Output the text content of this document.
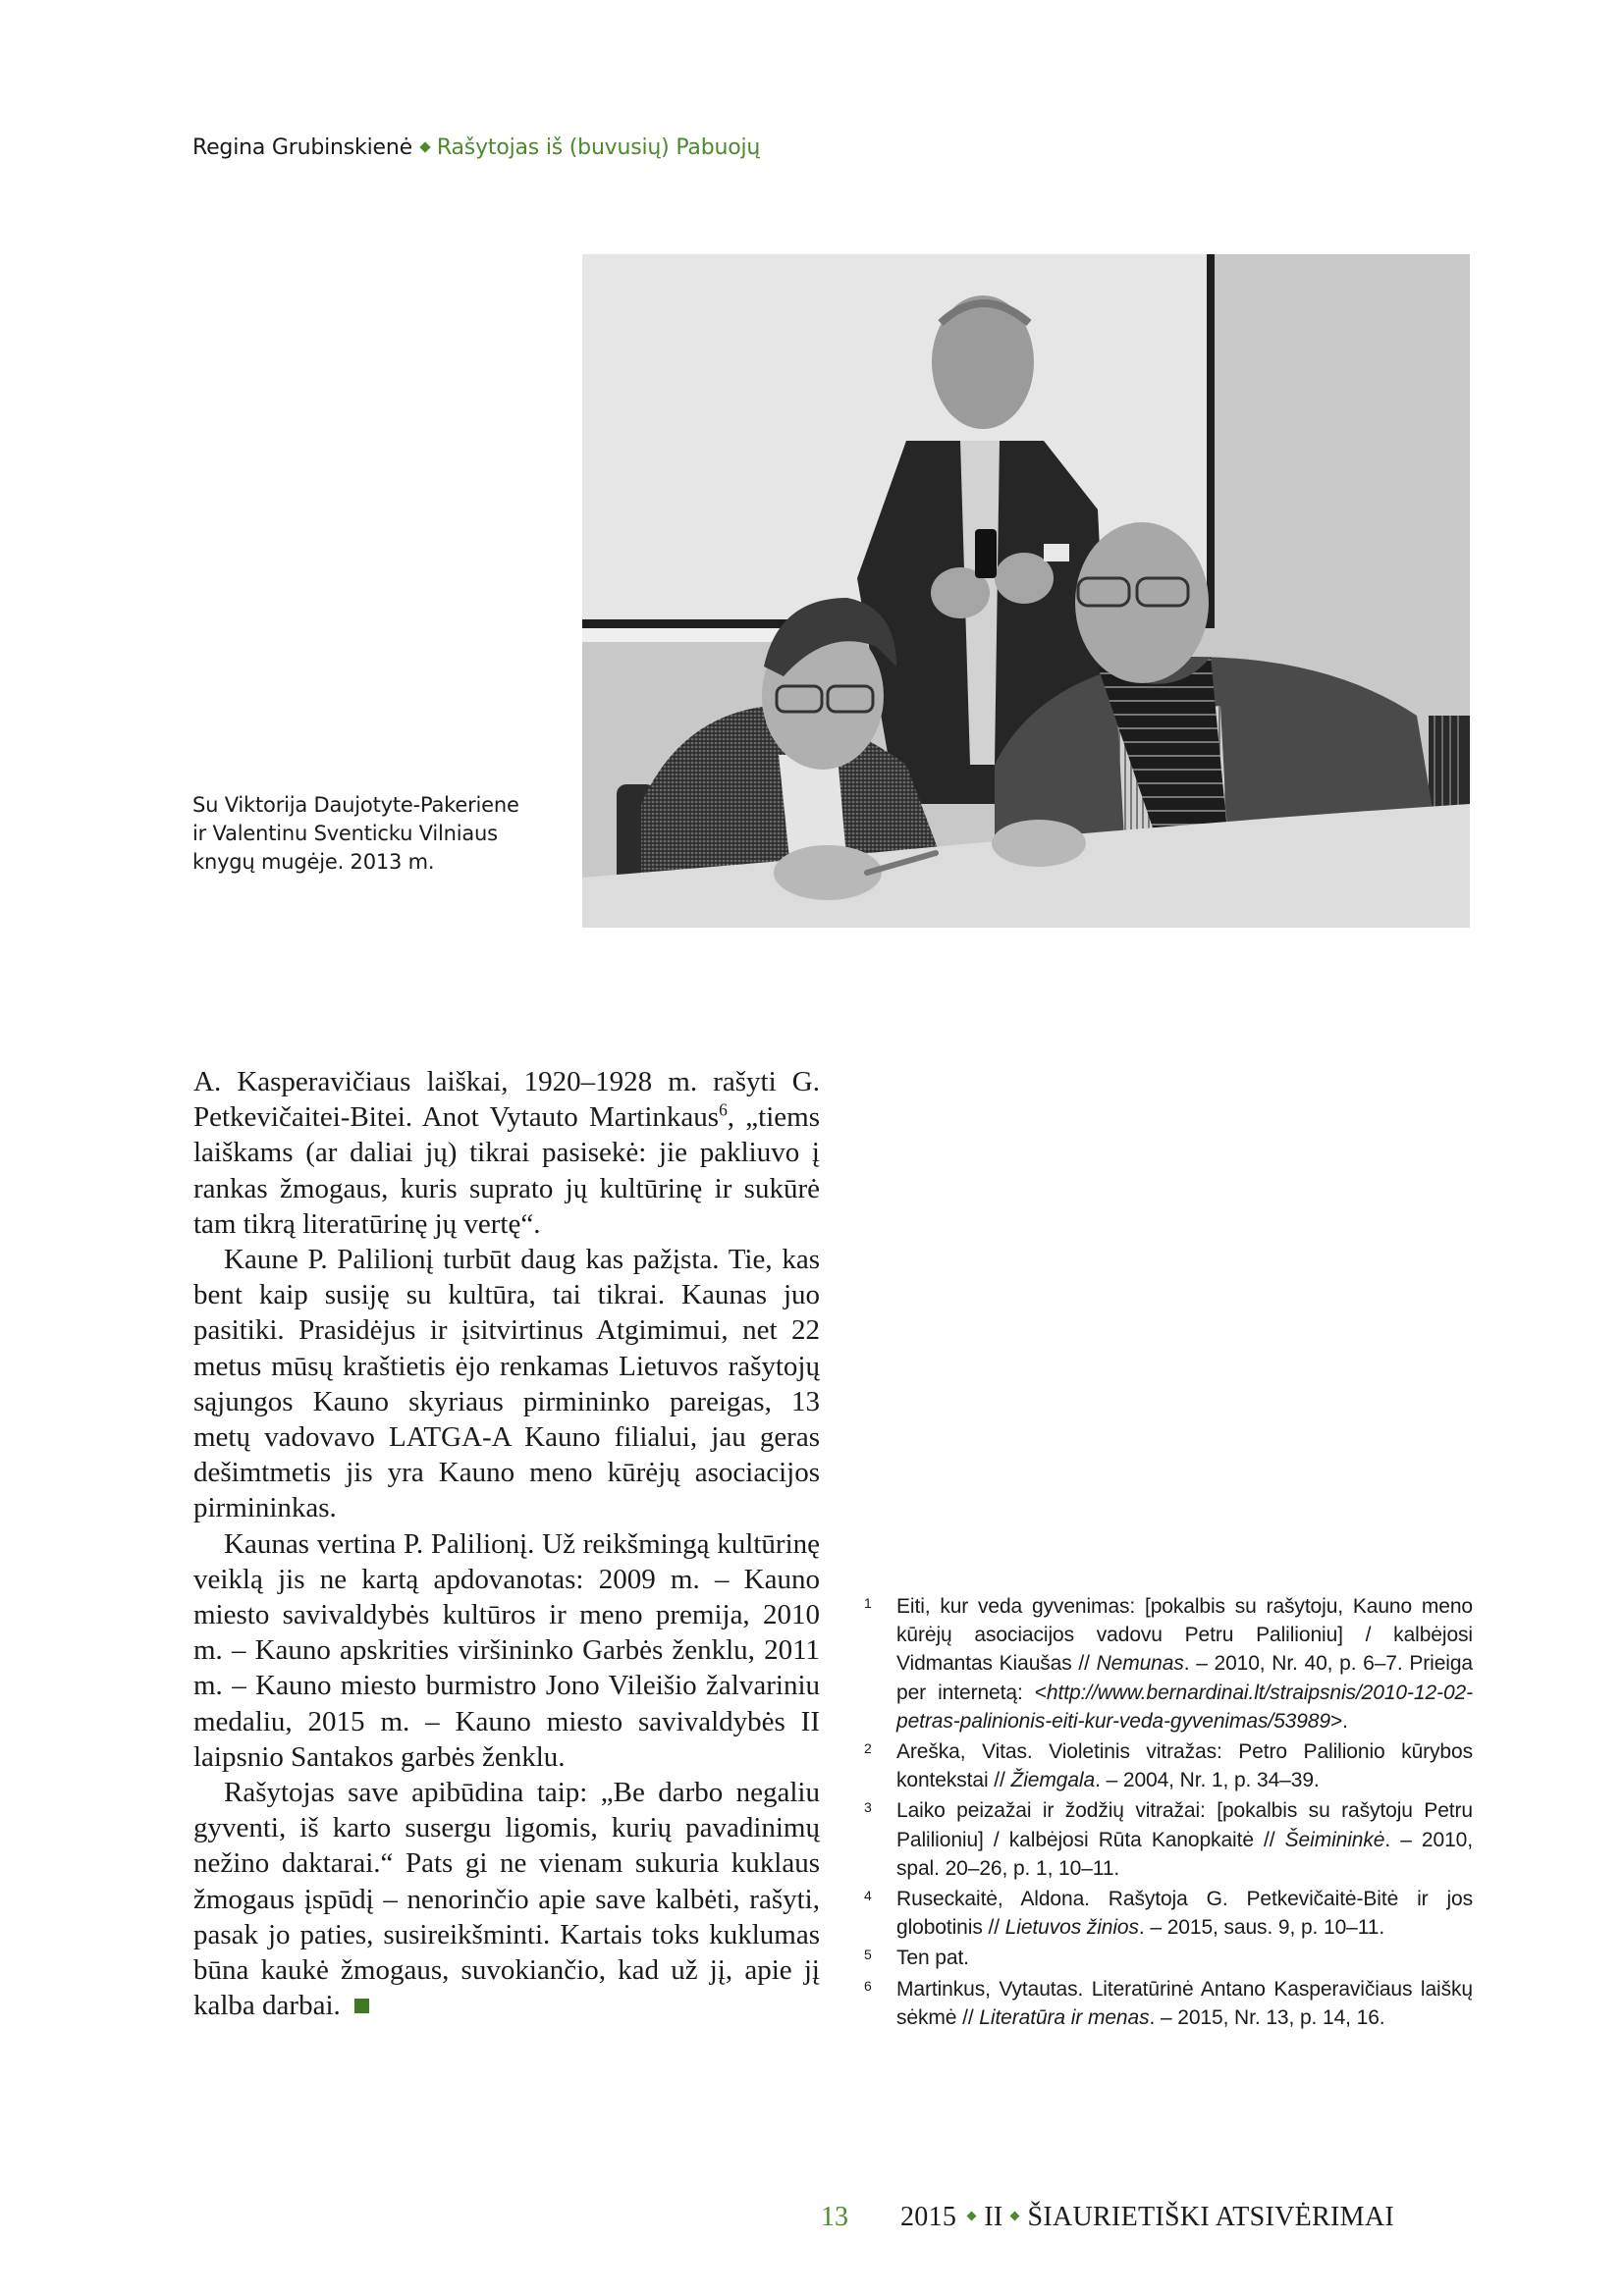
Regina Grubinskienė Rašytojas iš (buvusių) Pabuojų
Su Viktorija Daujotyte-Pakeriene ir Valentinu Sventicku Vilniaus knygų mugėje. 2013 m.

A. Kasperavičiaus laiškai, 1920–1928 m. rašyti G. Petkevičaitei-Bitei. Anot Vytauto Martinkaus$^6$, „tiems laiškams (ar daliai jų) tikrai pasisekė: jie pakliuvo į rankas žmogaus, kuris suprato jų kultūrinę ir sukūrė tam tikrą literatūrinę jų vertę“.

Kaune P. Palilionį turbūt daug kas pažįsta. Tie, kas bent kaip susiję su kultūra, tai tikrai. Kaunas juo pasitiki. Prasidėjus ir įsitvirtinus Atgimimui, net 22 metus mūsų kraštietis ėjo renkamas Lietuvos rašytojų sąjungos Kauno skyriaus pirmininko pareigas, 13 metų vadovavo LATGA-A Kauno filialui, jau geras dešimtmetis jis yra Kauno meno kūrėjų asociacijos pirmininkas.

Kaunas vertina P. Palilionį. Už reikšmingą kultūrinę veiklą jis ne kartą apdovanotas: 2009 m. – Kauno miesto savivaldybės kultūros ir meno premija, 2010 m. – Kauno apskrities viršininko Garbės ženklu, 2011 m. – Kauno miesto burmistro Jono Vileišio žalvariniu medaliu, 2015 m. – Kauno miesto savivaldybės II laipsnio Santakos garbės ženklu.

Rašytojas save apibūdina taip: „Be darbo negaliu gyventi, iš karto susergu ligomis, kurių pavadinimų nežino daktarai.“ Pats gi ne vienam sukuria kuklaus žmogaus įspūdį – nenorinčio apie save kalbėti, rašyti, pasak jo paties, susireikšminti. Kartais toks kuklumas būna kaukė žmogaus, suvokiančio, kad už jį, apie jį kalba darbai.

1	Eiti, kur veda gyvenimas: [pokalbis su rašytoju, Kauno meno kūrėjų asociacijos vadovu Petru Palilioniu] / kalbėjosi Vidmantas Kiaušas // Nemunas. – 2010, Nr. 40, p. 6–7. Prieiga per internetą: <http://www.bernardinai.lt/straipsnis/2010-12-02-petras-palinionis-eiti-kur-veda-gyvenimas/53989>.
2	Areška, Vitas. Violetinis vitražas: Petro Palilionio kūrybos kontekstai // Žiemgala. – 2004, Nr. 1, p. 34–39.
3	Laiko peizažai ir žodžių vitražai: [pokalbis su rašytoju Petru Palilioniu] / kalbėjosi Rūta Kanopkaitė // Šeimininkė. – 2010, spal. 20–26, p. 1, 10–11.
4	Ruseckaitė, Aldona. Rašytoja G. Petkevičaitė-Bitė ir jos globotinis // Lietuvos žinios. – 2015, saus. 9, p. 10–11.
5	Ten pat.
6	Martinkus, Vytautas. Literatūrinė Antano Kasperavičiaus laiškų sėkmė // Literatūra ir menas. – 2015, Nr. 13, p. 14, 16.
13 2015 II ŠIAURIETIŠKI ATSIVĖRIMAI
